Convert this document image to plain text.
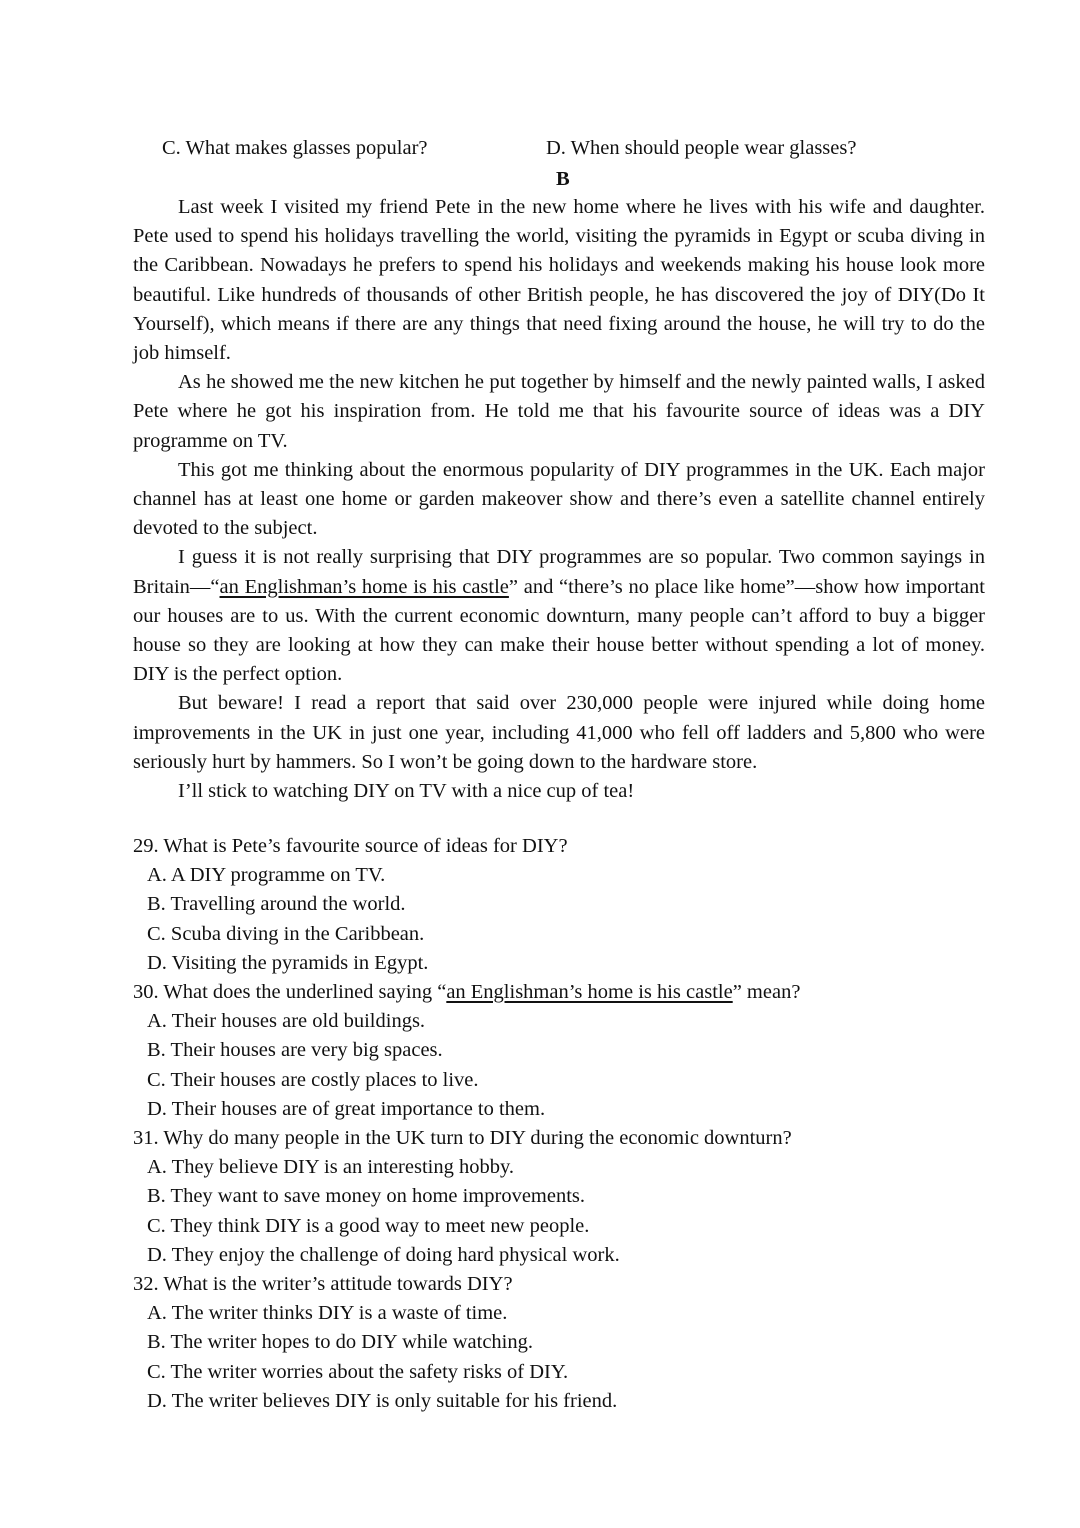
C. What makes glasses popular?	D. When should people wear glasses?
B

Last week I visited my friend Pete in the new home where he lives with his wife and daughter. Pete used to spend his holidays travelling the world, visiting the pyramids in Egypt or scuba diving in the Caribbean. Nowadays he prefers to spend his holidays and weekends making his house look more beautiful. Like hundreds of thousands of other British people, he has discovered the joy of DIY(Do It Yourself), which means if there are any things that need fixing around the house, he will try to do the job himself.

As he showed me the new kitchen he put together by himself and the newly painted walls, I asked Pete where he got his inspiration from. He told me that his favourite source of ideas was a DIY programme on TV.

This got me thinking about the enormous popularity of DIY programmes in the UK. Each major channel has at least one home or garden makeover show and there’s even a satellite channel entirely devoted to the subject.

I guess it is not really surprising that DIY programmes are so popular. Two common sayings in Britain—“an Englishman’s home is his castle” and “there’s no place like home”—show how important our houses are to us. With the current economic downturn, many people can’t afford to buy a bigger house so they are looking at how they can make their house better without spending a lot of money. DIY is the perfect option.

But beware! I read a report that said over 230,000 people were injured while doing home improvements in the UK in just one year, including 41,000 who fell off ladders and 5,800 who were seriously hurt by hammers. So I won’t be going down to the hardware store.

I’ll stick to watching DIY on TV with a nice cup of tea!

29. What is Pete’s favourite source of ideas for DIY?

A. A DIY programme on TV.

B. Travelling around the world.

C. Scuba diving in the Caribbean.

D. Visiting the pyramids in Egypt.

30. What does the underlined saying “an Englishman’s home is his castle” mean?

A. Their houses are old buildings.

B. Their houses are very big spaces.

C. Their houses are costly places to live.

D. Their houses are of great importance to them.

31. Why do many people in the UK turn to DIY during the economic downturn?

A. They believe DIY is an interesting hobby.

B. They want to save money on home improvements.

C. They think DIY is a good way to meet new people.

D. They enjoy the challenge of doing hard physical work.

32. What is the writer’s attitude towards DIY?

A. The writer thinks DIY is a waste of time.

B. The writer hopes to do DIY while watching.

C. The writer worries about the safety risks of DIY.

D. The writer believes DIY is only suitable for his friend.
